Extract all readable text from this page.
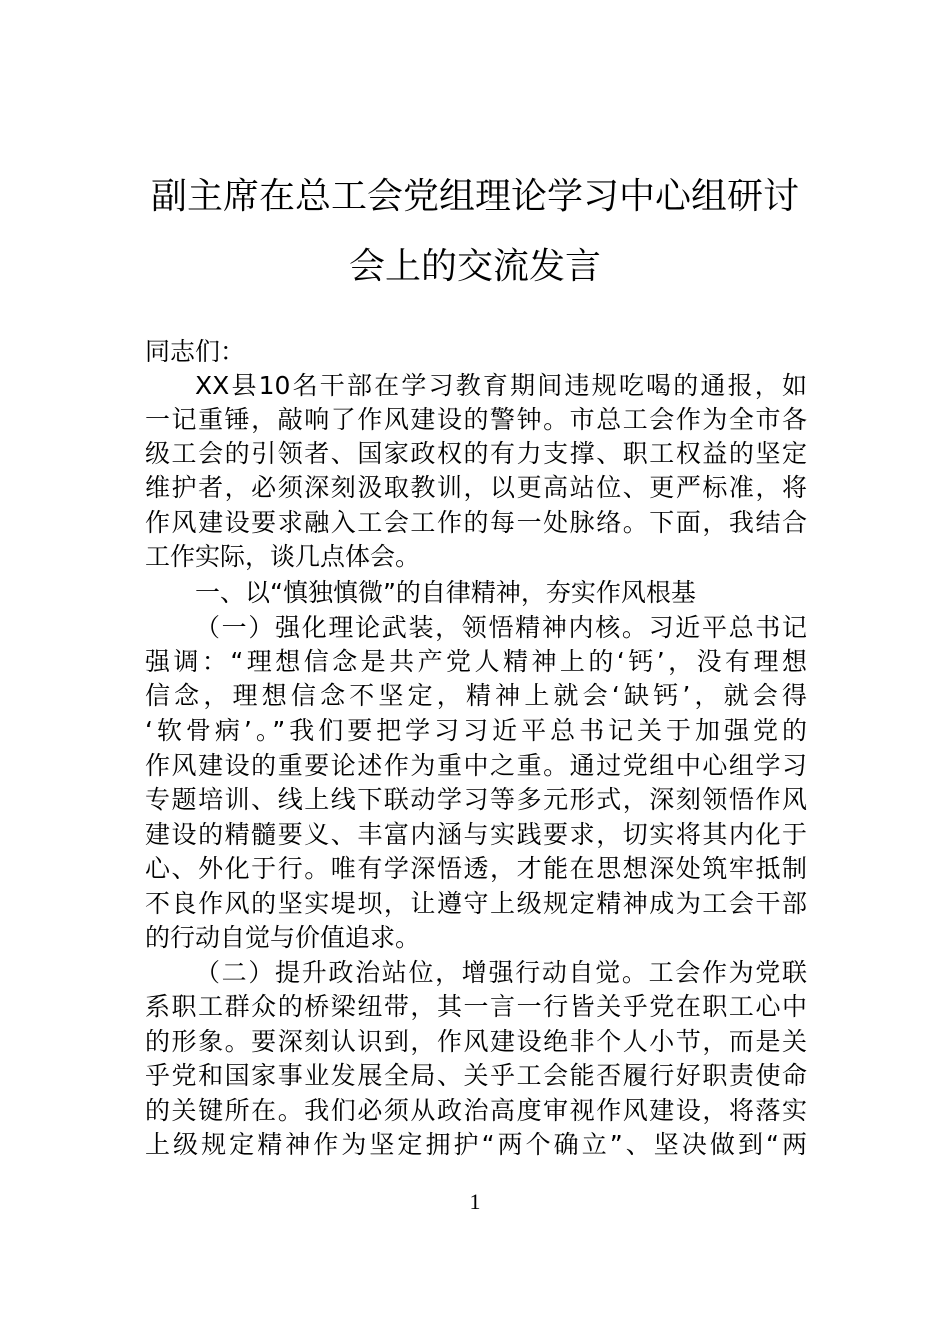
副主席在总工会党组理论学习中心组研讨
会上的交流发言
同志们：
XX县10名干部在学习教育期间违规吃喝的通报，如
一记重锤，敲响了作风建设的警钟。市总工会作为全市各
级工会的引领者、国家政权的有力支撑、职工权益的坚定
维护者，必须深刻汲取教训，以更高站位、更严标准，将
作风建设要求融入工会工作的每一处脉络。下面，我结合
工作实际，谈几点体会。
一、以“慎独慎微”的自律精神，夯实作风根基
（一）强化理论武装，领悟精神内核。习近平总书记
强调：“理想信念是共产党人精神上的‘钙’，没有理想
信念，理想信念不坚定，精神上就会‘缺钙’，就会得
‘软骨病’。”我们要把学习习近平总书记关于加强党的
作风建设的重要论述作为重中之重。通过党组中心组学习
专题培训、线上线下联动学习等多元形式，深刻领悟作风
建设的精髓要义、丰富内涵与实践要求，切实将其内化于
心、外化于行。唯有学深悟透，才能在思想深处筑牢抵制
不良作风的坚实堤坝，让遵守上级规定精神成为工会干部
的行动自觉与价值追求。
（二）提升政治站位，增强行动自觉。工会作为党联
系职工群众的桥梁纽带，其一言一行皆关乎党在职工心中
的形象。要深刻认识到，作风建设绝非个人小节，而是关
乎党和国家事业发展全局、关乎工会能否履行好职责使命
的关键所在。我们必须从政治高度审视作风建设，将落实
上级规定精神作为坚定拥护“两个确立”、坚决做到“两
1
